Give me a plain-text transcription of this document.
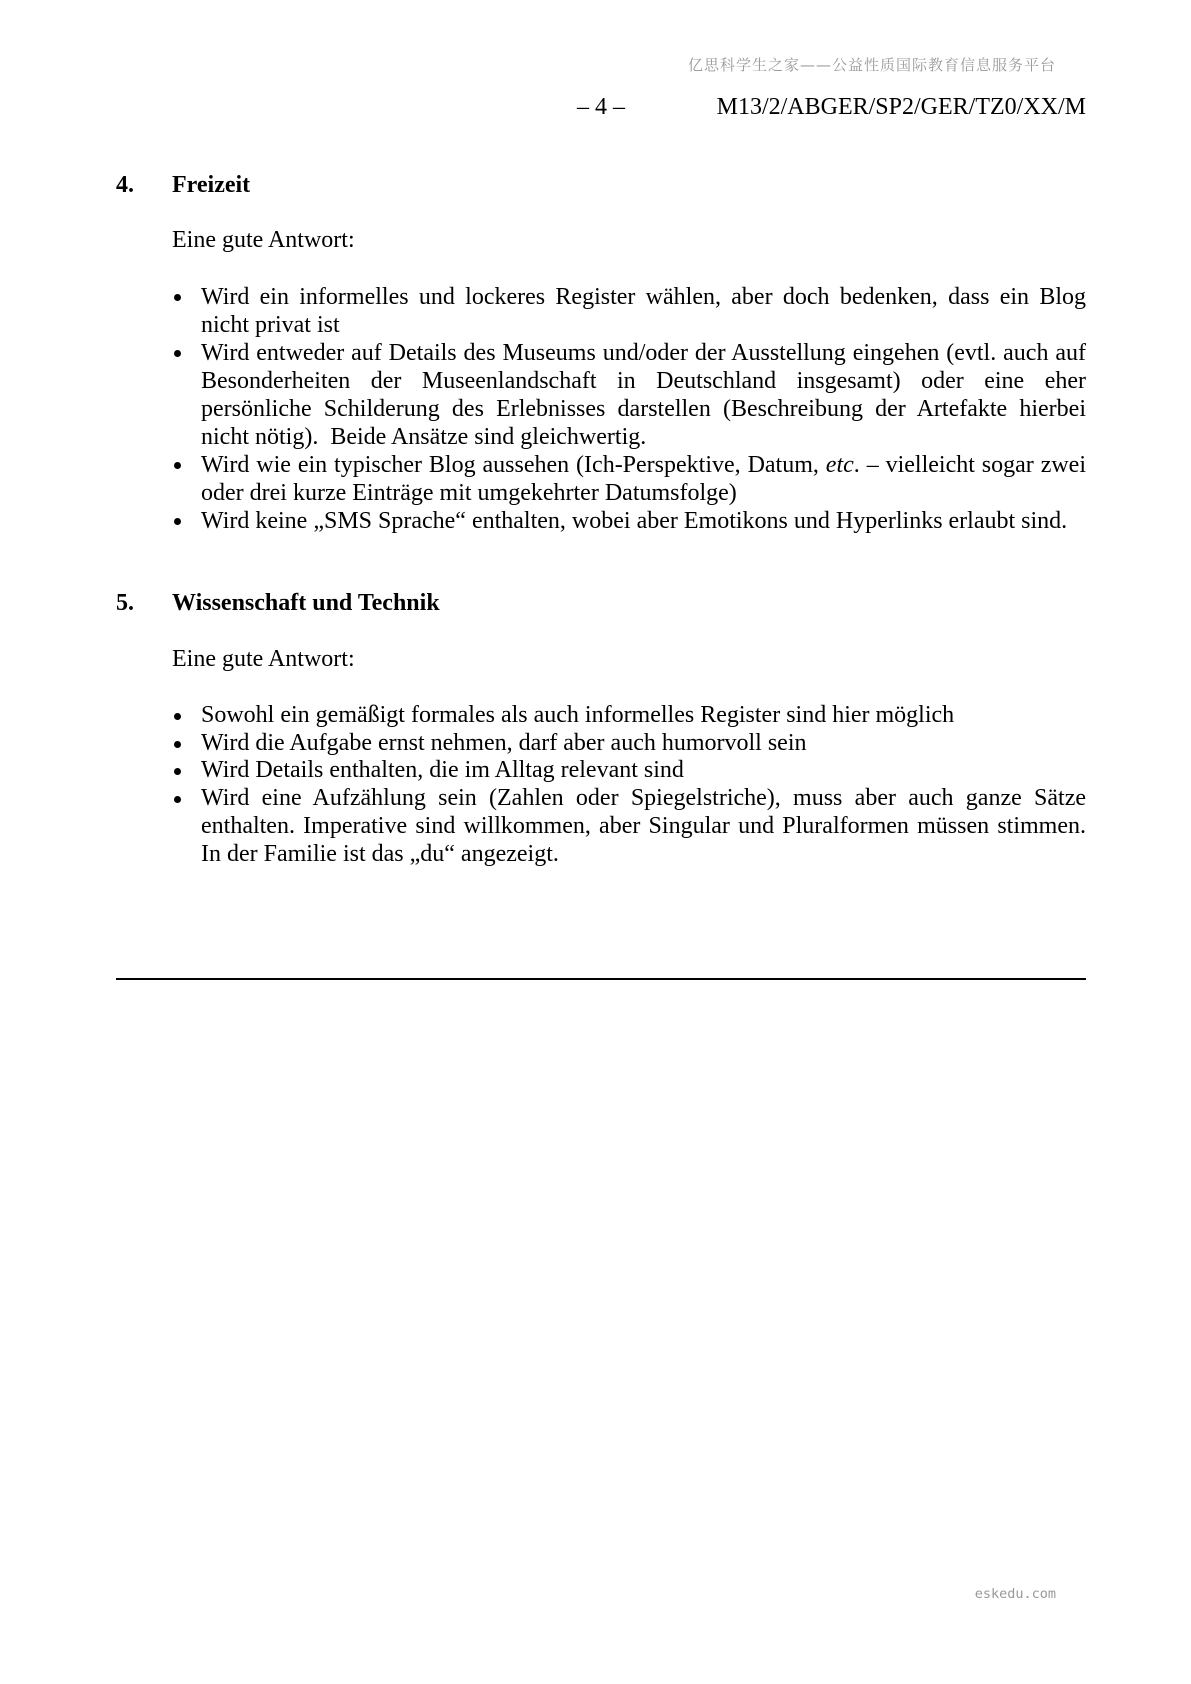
亿思科学生之家——公益性质国际教育信息服务平台
– 4 –	M13/2/ABGER/SP2/GER/TZ0/XX/M
4. Freizeit
Eine gute Antwort:
Wird ein informelles und lockeres Register wählen, aber doch bedenken, dass ein Blog
nicht privat ist
Wird entweder auf Details des Museums und/oder der Ausstellung eingehen (evtl. auch auf
Besonderheiten der Museenlandschaft in Deutschland insgesamt) oder eine eher
persönliche Schilderung des Erlebnisses darstellen (Beschreibung der Artefakte hierbei
nicht nötig).  Beide Ansätze sind gleichwertig.
Wird wie ein typischer Blog aussehen (Ich-Perspektive, Datum, etc. – vielleicht sogar zwei
oder drei kurze Einträge mit umgekehrter Datumsfolge)
Wird keine „SMS Sprache“ enthalten, wobei aber Emotikons und Hyperlinks erlaubt sind.
5. Wissenschaft und Technik
Eine gute Antwort:
Sowohl ein gemäßigt formales als auch informelles Register sind hier möglich
Wird die Aufgabe ernst nehmen, darf aber auch humorvoll sein
Wird Details enthalten, die im Alltag relevant sind
Wird eine Aufzählung sein (Zahlen oder Spiegelstriche), muss aber auch ganze Sätze
enthalten. Imperative sind willkommen, aber Singular und Pluralformen müssen stimmen.
In der Familie ist das „du“ angezeigt.
eskedu.com
